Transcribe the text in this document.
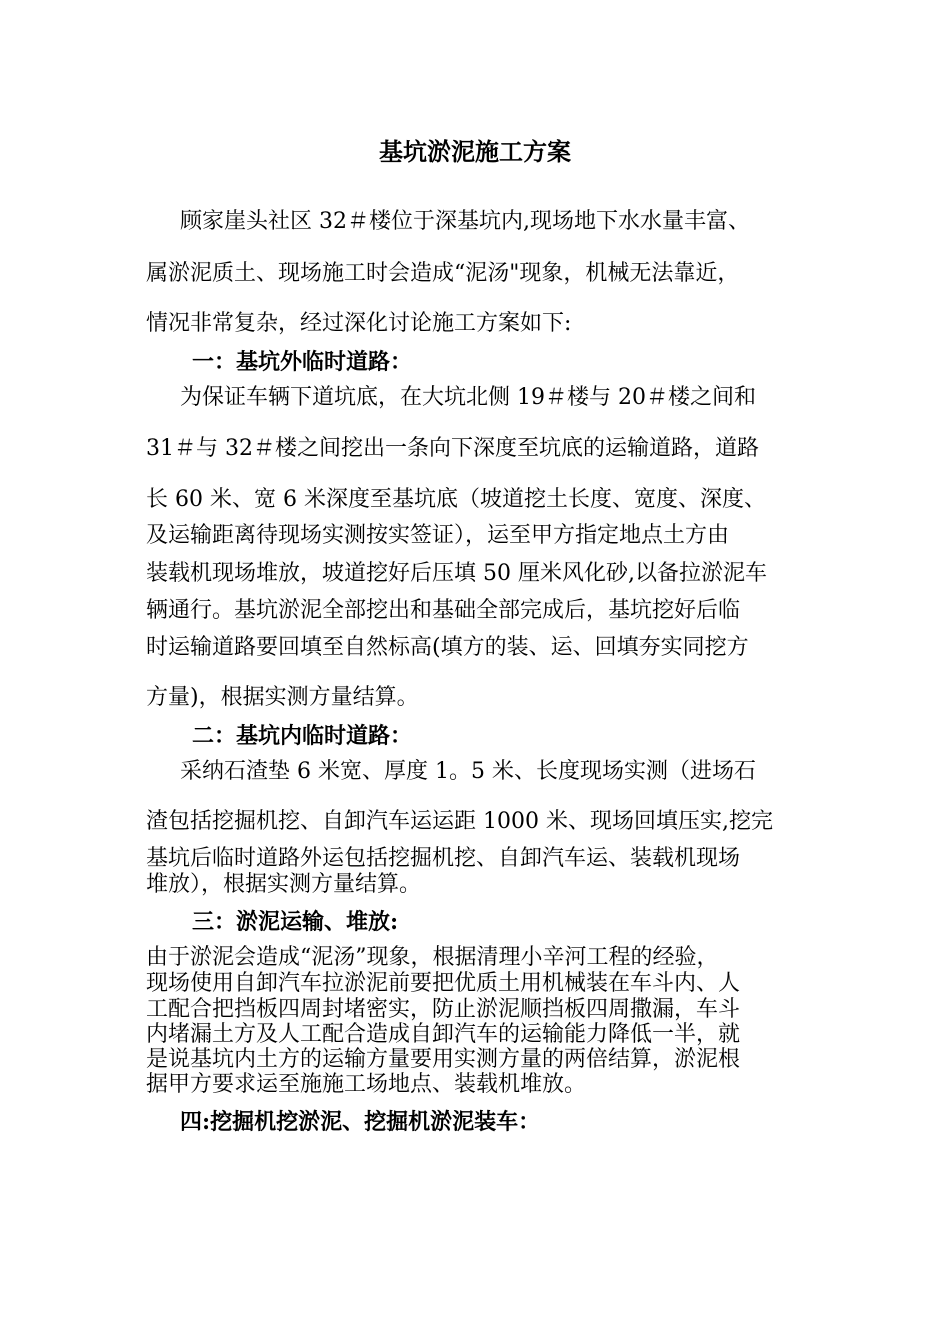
基坑淤泥施工方案
顾家崖头社区 32＃楼位于深基坑内,现场地下水水量丰富、
属淤泥质土、现场施工时会造成“泥汤"现象，机械无法靠近，
情况非常复杂，经过深化讨论施工方案如下:
一：基坑外临时道路：
为保证车辆下道坑底，在大坑北侧 19＃楼与 20＃楼之间和
31＃与 32＃楼之间挖出一条向下深度至坑底的运输道路，道路
长 60 米、宽 6 米深度至基坑底（坡道挖土长度、宽度、深度、
及运输距离待现场实测按实签证），运至甲方指定地点土方由
装载机现场堆放，坡道挖好后压填 50 厘米风化砂,以备拉淤泥车
辆通行。基坑淤泥全部挖出和基础全部完成后，基坑挖好后临
时运输道路要回填至自然标高(填方的装、运、回填夯实同挖方
方量)，根据实测方量结算。
二：基坑内临时道路：
采纳石渣垫 6 米宽、厚度 1。5 米、长度现场实测（进场石
渣包括挖掘机挖、自卸汽车运运距 1000 米、现场回填压实,挖完
基坑后临时道路外运包括挖掘机挖、自卸汽车运、装载机现场
堆放），根据实测方量结算。
三：淤泥运输、堆放:
由于淤泥会造成“泥汤”现象，根据清理小辛河工程的经验，
现场使用自卸汽车拉淤泥前要把优质土用机械装在车斗内、人
工配合把挡板四周封堵密实，防止淤泥顺挡板四周撒漏，车斗
内堵漏土方及人工配合造成自卸汽车的运输能力降低一半，就
是说基坑内土方的运输方量要用实测方量的两倍结算，淤泥根
据甲方要求运至施施工场地点、装载机堆放。
四:挖掘机挖淤泥、挖掘机淤泥装车：
